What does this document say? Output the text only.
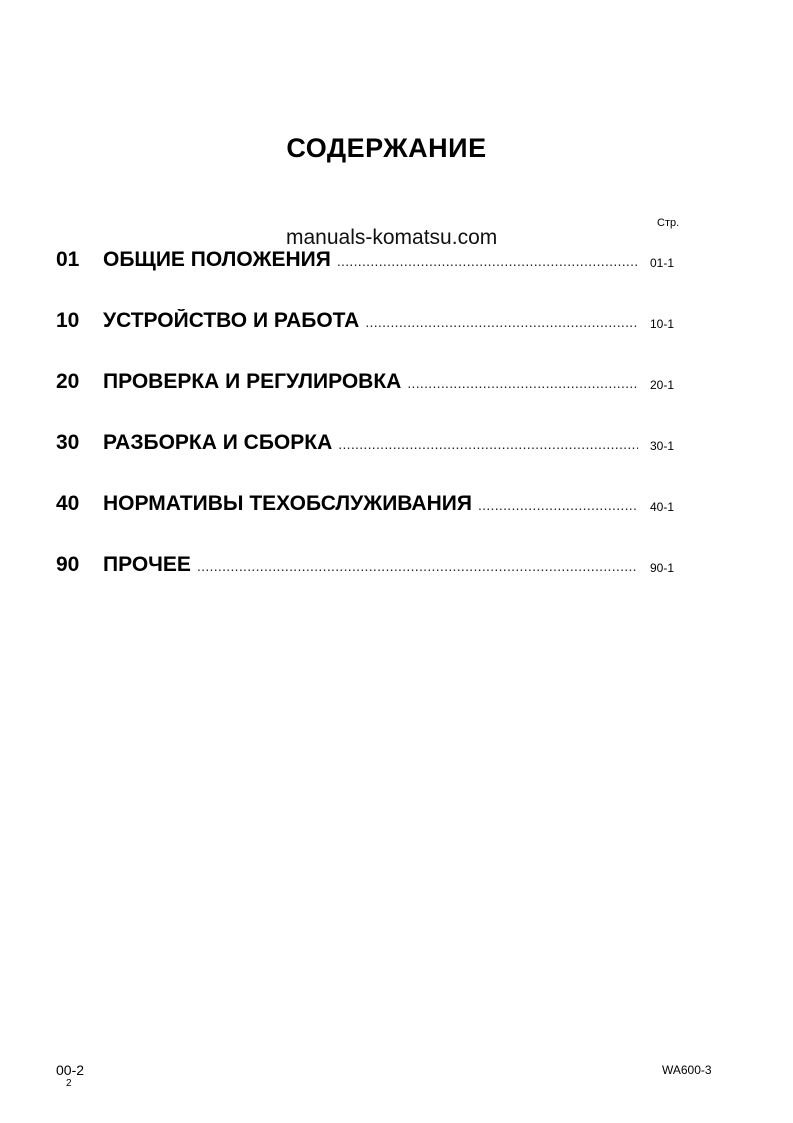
СОДЕРЖАНИЕ
Стр.
manuals-komatsu.com
01 ОБЩИЕ ПОЛОЖЕНИЯ .....	01-1
10 УСТРОЙСТВО И РАБОТА .....	10-1
20 ПРОВЕРКА И РЕГУЛИРОВКА .....	20-1
30 РАЗБОРКА И СБОРКА .....	30-1
40 НОРМАТИВЫ ТЕХОБСЛУЖИВАНИЯ .....	40-1
90 ПРОЧЕЕ .....	90-1
00-2
2
WA600-3
